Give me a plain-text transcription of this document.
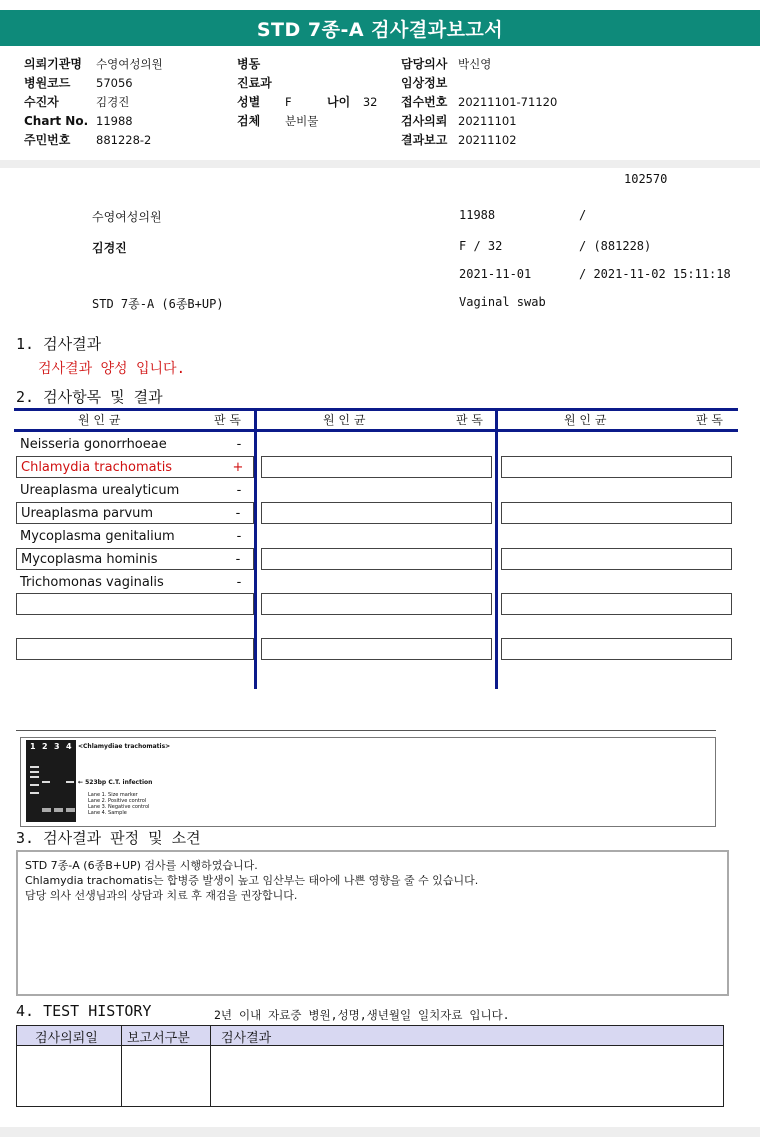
STD 7종-A 검사결과보고서
의뢰기관명 수영여성의원
병원코드 57056
수진자	김경진
Chart No. 11988
주민번호 881228-2
병동
진료과
성별 F
검체 분비물
담당의사 박신영
임상정보
접수번호 20211101-71120
검사의뢰 20211101
결과보고 20211102
나이 32
102570
수영여성의원	11988	/
김경진	F / 32	/ (881228)
2021-11-01	/ 2021-11-02 15:11:18
STD 7종-A (6종B+UP)	Vaginal swab
1. 검사결과
검사결과 양성 입니다.
2. 검사항목 및 결과
원 인 균	판 독	원 인 균	판 독	원 인 균	판 독
Neisseria gonorrhoeae	-
Chlamydia trachomatis	+
Ureaplasma urealyticum	-
Ureaplasma parvum	-
Mycoplasma genitalium	-
Mycoplasma hominis	-
Trichomonas vaginalis	-
1 2 3 4 <Chlamydiae trachomatis>
← 523bp C.T. infection
Lane 1. Size marker
Lane 2. Positive control
Lane 3. Negative control
Lane 4. Sample
3. 검사결과 판정 및 소견
STD 7종-A (6종B+UP) 검사를 시행하였습니다.
Chlamydia trachomatis는 합병증 발생이 높고 임산부는 태아에 나쁜 영향을 줄 수 있습니다.
담당 의사 선생님과의 상담과 치료 후 재검을 권장합니다.
4. TEST HISTORY	2년 이내 자료중 병원,성명,생년월일 일치자료 입니다.
검사의뢰일 보고서구분 검사결과
